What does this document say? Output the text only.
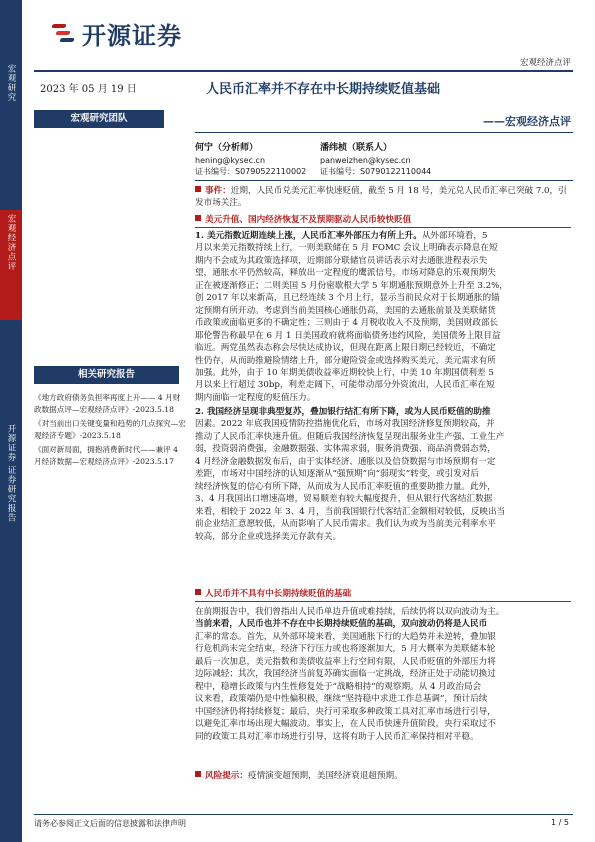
宏观研究
宏观经济点评
开源证券 证券研究报告
开源证券
宏观经济点评
2023 年 05 月 19 日	人民币汇率并不存在中长期持续贬值基础
宏观研究团队	——宏观经济点评
何宁（分析师）
hening@kysec.cn
证书编号：S0790522110002
潘纬桢（联系人）
panweizhen@kysec.cn
证书编号：S0790122110044
相关研究报告
《地方政府债务负担率再度上升—— 4 月财政数据点评—宏观经济点评》-2023.5.18
《对当前出口关键变量和趋势的几点探究—宏观经济专题》-2023.5.18
《面对新局面，拥抱消费新时代——兼评 4 月经济数据—宏观经济点评》-2023.5.17
事件：近期，人民币兑美元汇率快速贬值，截至 5 月 18 号，美元兑人民币汇率已突破 7.0，引发市场关注。
美元升值、国内经济恢复不及预期驱动人民币较快贬值
1. 美元指数近期连续上涨，人民币汇率外部压力有所上升。从外部环境看，5
月以来美元指数持续上行，一则美联储在 5 月 FOMC 会议上明确表示降息在短
期内不会成为其政策选择项，近期部分联储官员讲话表示对去通胀进程表示失
望，通胀水平仍然较高，释放出一定程度的鹰派信号，市场对降息的乐观预期失
正在被逐渐修正；二则美国 5 月份密歇根大学 5 年期通胀预期意外上升至 3.2%，
创 2017 年以来新高，且已经连续 3 个月上行，显示当前民众对于长期通胀的锚
定预期有所开动。考虑到当前美国核心通胀仍高，美国的去通胀前景及美联储货
币政策或面临更多的不确定性；三则由于 4 月税收收入不及预期，美国财政部长
耶伦警告称最早在 6 月 1 日美国政府就将面临债务违约风险，美国债务上限目益
临近。两党虽然表态称会尽快达成协议，但现在距离上限日期已经较近，不确定
性仍存，从而助推避险情绪上升，部分避险资金或选择购买美元，美元需求有所
加强。此外，由于 10 年期美债收益率近期较快上行，中美 10 年期国债利差 5
月以来上行超过 30bp，利差走阔下，可能带动部分外资流出，人民币汇率在短
期内面临一定程度的贬值压力。
2. 我国经济呈现非典型复苏，叠加银行结汇有所下降，或为人民币贬值的助推
因素。2022 年底我国疫情防控措施优化后，市场对我国经济修复预期较高，并
推动了人民币汇率快速升值。但随后我国经济恢复呈现出服务业生产强、工业生产
弱，投资弱消费强，金融数据强、实体需求弱，服务消费强、商品消费弱态势，
4 月经济金融数据发布后，由于实体经济、通胀以及信贷数据与市场预期有一定
差距，市场对中国经济的认知逐渐从“强预期”向“弱现实”转变，或引发对后
续经济恢复的信心有所下降，从而成为人民币汇率贬值的重要助推力量。此外，
3、4 月我国出口增速高增，贸易顺差有较大幅度提升，但从银行代客结汇数据
来看，相较于 2022 年 3、4 月，当前我国银行代客结汇金额相对较低，反映出当
前企业结汇意愿较低，从而影响了人民币需求。我们认为或为当前美元利率水平
较高，部分企业或选择美元存款有关。
人民币并不具有中长期持续贬值的基础
在前期报告中，我们曾指出人民币单边升值或难持续，后续仍将以双向波动为主。
当前来看，人民币也并不存在中长期持续贬值的基础，双向波动仍将是人民币
汇率的常态。首先，从外部环境来看，美国通胀下行的大趋势并未逆转，叠加银
行危机尚未完全结束，经济下行压力或也将逐渐加大，5 月大概率为美联储本轮
最后一次加息，美元指数和美债收益率上行空间有限，人民币贬值的外部压力将
边际减轻；其次，我国经济当前复苏确实面临一定挑战，经济正处于动能切换过
程中，稳增长政策与内生性修复处于“战略相持”的观察期。从 4 月政治局会
议来看，政策端仍是中性偏积极，继续“坚持稳中求进工作总基调”，预计后续
中国经济仍将持续修复；最后，央行可采取多种政策工具对汇率市场进行引导，
以避免汇率市场出现大幅波动。事实上，在人民币快速升值阶段，央行采取过不
同的政策工具对汇率市场进行引导，这将有助于人民币汇率保持相对平稳。
风险提示：疫情演变超预期，美国经济衰退超预期。
请务必参阅正文后面的信息披露和法律声明	1 / 5
